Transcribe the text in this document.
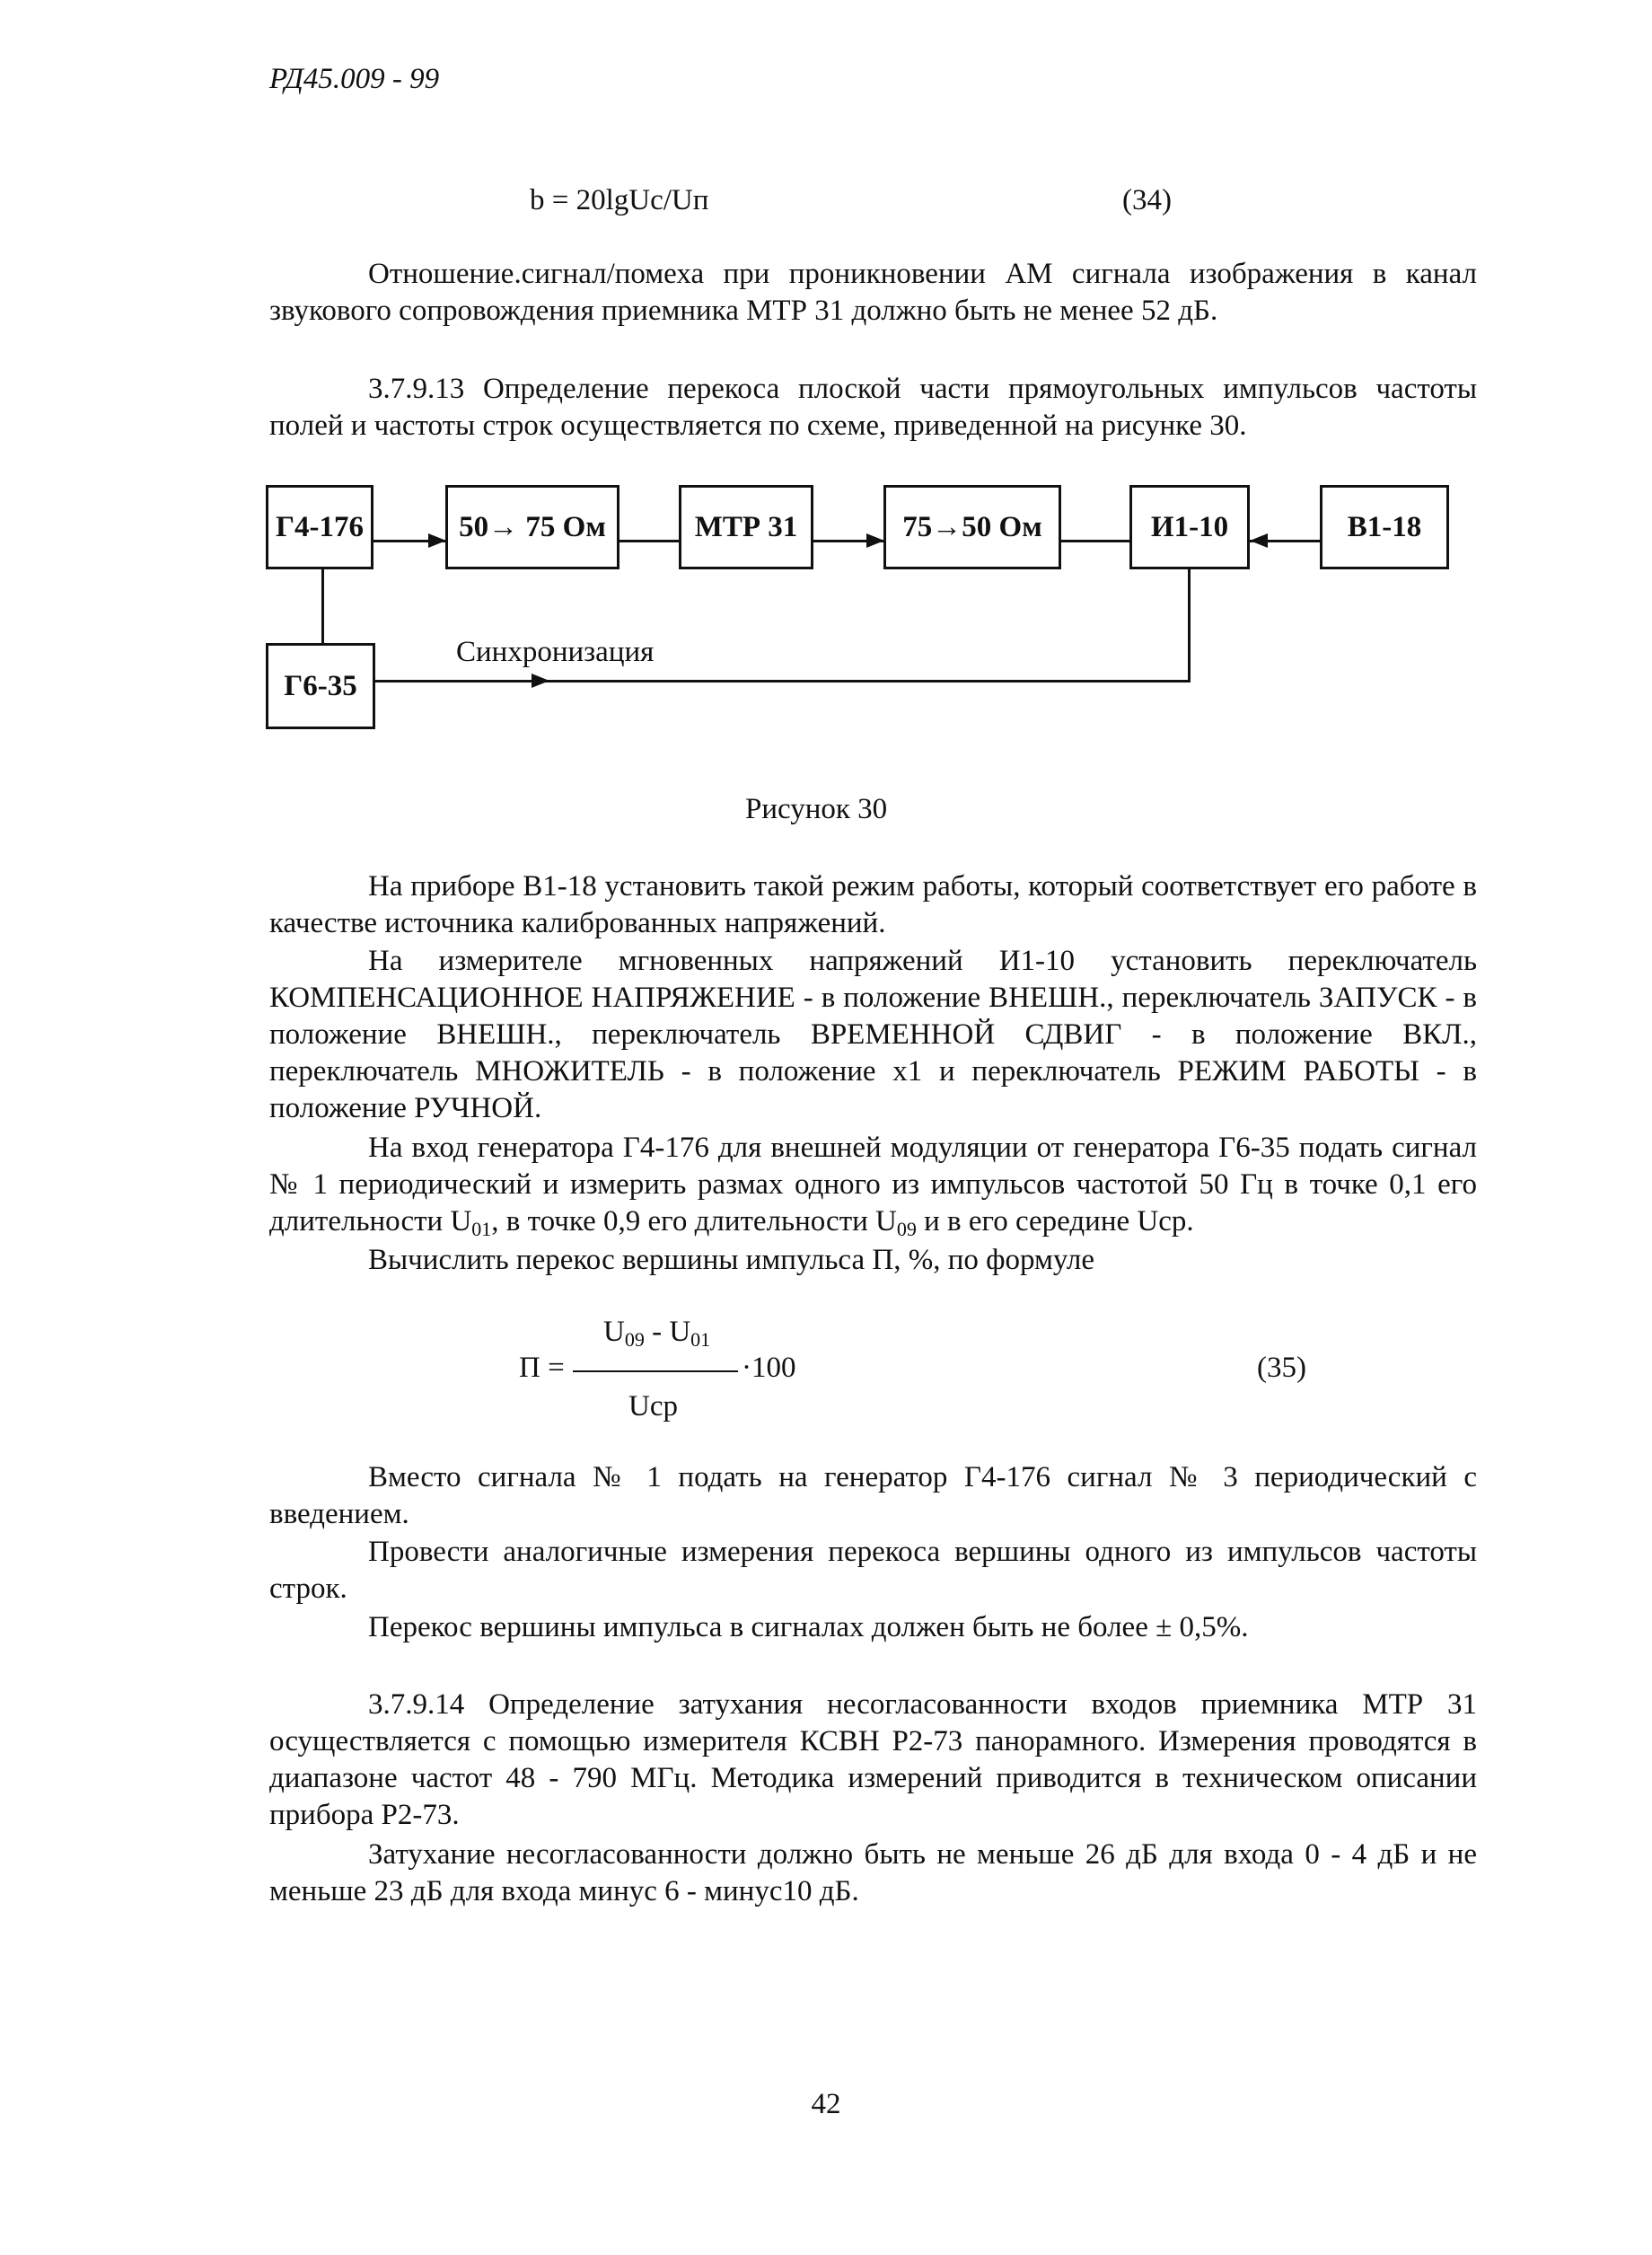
РД45.009 - 99
b = 20lgUс/Uп	(34)
Отношение.сигнал/помеха при проникновении АМ сигнала изображения в канал звукового сопровождения приемника МТР 31 должно быть не менее 52 дБ.
3.7.9.13 Определение перекоса плоской части прямоугольных импульсов частоты полей и частоты строк осуществляется по схеме, приведенной на рисунке 30.
Г4-176	50→ 75 Ом	МТР 31	75→50 Ом	И1-10	В1-18
Г6-35
Синхронизация
Рисунок 30
На приборе В1-18 установить такой режим работы, который соответствует его работе в качестве источника калиброванных напряжений.
На измерителе мгновенных напряжений И1-10 установить переключатель КОМПЕНСАЦИОННОЕ НАПРЯЖЕНИЕ - в положение ВНЕШН., переключатель ЗАПУСК - в положение ВНЕШН., переключатель ВРЕМЕННОЙ СДВИГ - в положение ВКЛ., переключатель МНОЖИТЕЛЬ - в положение х1 и переключатель РЕЖИМ РАБОТЫ - в положение РУЧНОЙ.
На вход генератора Г4-176 для внешней модуляции от генератора Г6-35 подать сигнал № 1 периодический и измерить размах одного из импульсов частотой 50 Гц в точке 0,1 его длительности $U_{01}$, в точке 0,9 его длительности $U_{09}$ и в его середине Uср.
Вычислить перекос вершины импульса П, %, по формуле
$U_{09} - U_{01}$
П =	·100
Uср
(35)
Вместо сигнала № 1 подать на генератор Г4-176 сигнал № 3 периодический с введением.
Провести аналогичные измерения перекоса вершины одного из импульсов частоты строк.
Перекос вершины импульса в сигналах должен быть не более ± 0,5%.
3.7.9.14 Определение затухания несогласованности входов приемника МТР 31 осуществляется с помощью измерителя КСВН Р2-73 панорамного. Измерения проводятся в диапазоне частот 48 - 790 МГц. Методика измерений приводится в техническом описании прибора Р2-73.
Затухание несогласованности должно быть не меньше 26 дБ для входа 0 - 4 дБ и не меньше 23 дБ для входа минус 6 - минус10 дБ.
42
